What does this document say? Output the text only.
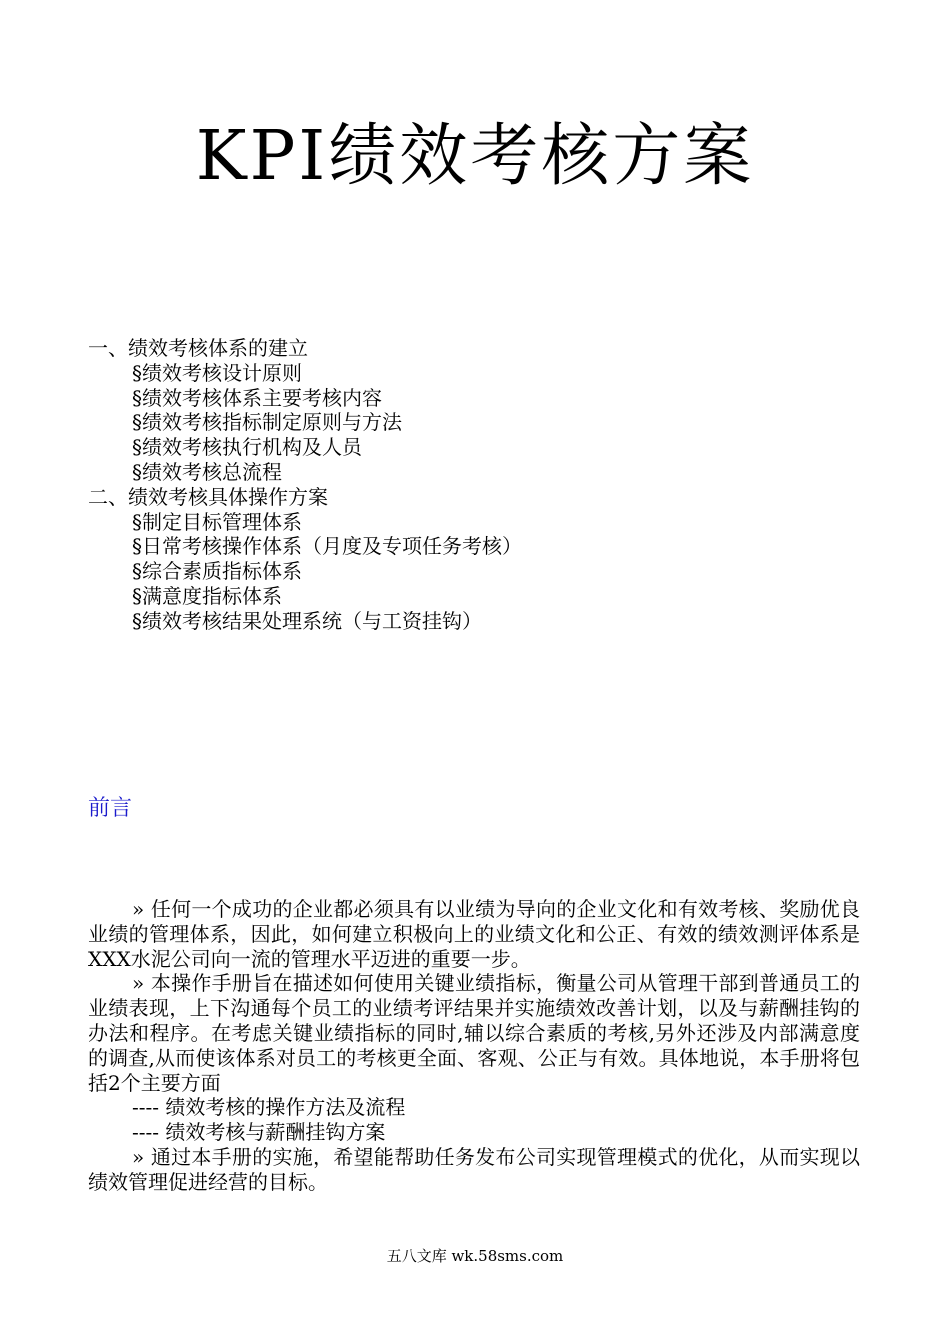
KPI绩效考核方案
一、绩效考核体系的建立
§绩效考核设计原则
§绩效考核体系主要考核内容
§绩效考核指标制定原则与方法
§绩效考核执行机构及人员
§绩效考核总流程
二、绩效考核具体操作方案
§制定目标管理体系
§日常考核操作体系（月度及专项任务考核）
§综合素质指标体系
§满意度指标体系
§绩效考核结果处理系统（与工资挂钩）
前言

» 任何一个成功的企业都必须具有以业绩为导向的企业文化和有效考核、奖励优良业绩的管理体系，因此，如何建立积极向上的业绩文化和公正、有效的绩效测评体系是XXX水泥公司向一流的管理水平迈进的重要一步。

» 本操作手册旨在描述如何使用关键业绩指标，衡量公司从管理干部到普通员工的业绩表现，上下沟通每个员工的业绩考评结果并实施绩效改善计划，以及与薪酬挂钩的办法和程序。在考虑关键业绩指标的同时,辅以综合素质的考核,另外还涉及内部满意度的调查,从而使该体系对员工的考核更全面、客观、公正与有效。具体地说，本手册将包括2个主要方面

---- 绩效考核的操作方法及流程

---- 绩效考核与薪酬挂钩方案

» 通过本手册的实施，希望能帮助任务发布公司实现管理模式的优化，从而实现以绩效管理促进经营的目标。

五八文库 wk.58sms.com
